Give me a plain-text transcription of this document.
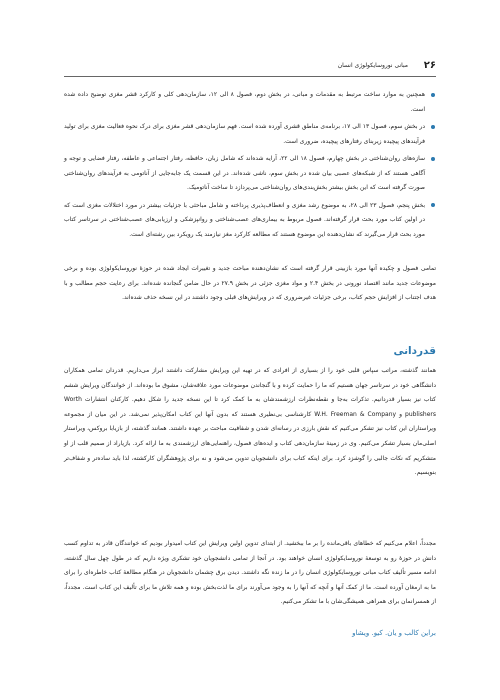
۲۶
مبانی نوروسایکولوژی انسان
همچنین به موارد ساخت مرتبط به مقدمات و مبانی، در بخش دوم، فصول ۸ الی ۱۲، سازمان‌دهی کلی و کارکرد قشر مغزی توضیح داده شده است.
در بخش سوم، فصول ۱۳ الی ۱۷، برنامه‌ی مناطق قشری آورده شده است. فهم سازمان‌دهی قشر مغزی برای درک نحوه فعالیت مغزی برای تولید فرآیندهای پیچیده زیربنای رفتارهای پیچیده، ضروری است.
سازه‌های روان‌شناختی در بخش چهارم، فصول ۱۸ الی ۲۲، آرایه شده‌اند که شامل زبان، حافظه، رفتار اجتماعی و عاطفه، رفتار فضایی و توجه و آگاهی هستند که از شبکه‌های عصبی بیان شده در بخش سوم، ناشی شده‌اند. در این قسمت یک جابه‌جایی از آناتومی به فرآیندهای روان‌شناختی صورت گرفته است که این بخش بیشتر بخش‌بندی‌های روان‌شناختی می‌پردازد تا ساخت آناتومیک.
بخش پنجم، فصول ۲۳ الی ۲۸، به موضوع رشد مغزی و انعطاف‌پذیری پرداخته و شامل مباحثی با جزئیات بیشتر در مورد اختلالات مغزی است که در اولین کتاب مورد بحث قرار گرفته‌اند. فصول مربوط به بیماری‌های عصب‌شناختی و روانپزشکی و ارزیابی‌های عصب‌شناختی در سرتاسر کتاب مورد بحث قرار می‌گیرند که نشان‌دهنده این موضوع هستند که مطالعه کارکرد مغز نیازمند یک رویکرد بین رشته‌ای است.

تمامی فصول و چکیده آنها مورد بازبینی قرار گرفته است که نشان‌دهنده مباحث جدید و تغییرات ایجاد شده در حوزهٔ نوروسایکولوژی بوده و برخی موضوعات جدید مانند اقتصاد نورونی در بخش ۲.۴ و مواد مغزی جزئی در بخش ۲۷.۹ در حال ضامن گنجانده شده‌اند. برای رعایت حجم مطالب و با هدف اجتناب از افزایش حجم کتاب، برخی جزئیات غیرضروری که در ویرایش‌های قبلی وجود داشتند در این نسخه حذف شده‌اند.

قدردانی

همانند گذشته، مراتب سپاس قلبی خود را از بسیاری از افرادی که در تهیه این ویرایش مشارکت داشتند ابراز می‌داریم. قدردان تمامی همکاران دانشگاهی خود در سرتاسر جهان هستیم که ما را حمایت کرده و با گنجاندن موضوعات مورد علاقه‌شان، مشوق ما بوده‌اند. از خوانندگان ویرایش ششم کتاب نیز بسیار قدردانیم. تذکرات به‌جا و نقطه‌نظرات ارزشمندشان به ما کمک کرد تا این نسخه جدید را شکل دهیم. کارکنان انتشارات Worth publishers و W.H. Freeman & Company کارشناسی بی‌نظیری هستند که بدون آنها این کتاب امکان‌پذیر نمی‌شد. در این میان از مجموعه ویراستاران این کتاب نیز تشکر می‌کنیم که نقش بارزی در رسانه‌ای شدن و شفافیت مباحث بر عهده داشتند. همانند گذشته، از بازیابا بروکس، ویراستار اصلی‌مان بسیار تشکر می‌کنیم. وی در زمینهٔ سازمان‌دهی کتاب و ایده‌های فصول، راهنمایی‌های ارزشمندی به ما ارائه کرد. بازیاراد از صمیم قلب از او متشکریم که نکات جالبی را گوشزد کرد. برای اینکه کتاب برای دانشجویان تدوین می‌شود و نه برای پژوهشگران کارکشته، لذا باید ساده‌تر و شفاف‌تر بنویسیم.

مجدداً، اعلام می‌کنیم که خطاهای باقی‌مانده را بر ما ببخشید. از ابتدای تدوین اولین ویرایش این کتاب امیدوار بودیم که خوانندگان قادر به تداوم کسب دانش در حوزهٔ رو به توسعهٔ نوروسایکولوژی انسان خواهند بود. در آنجا از تمامی دانشجویان خود تشکری ویژه داریم که در طول چهل سال گذشته، ادامه مسیر تألیف کتاب مبانی نوروسایکولوژی انسان را در ما زنده نگه داشتند. دیدن برق چشمان دانشجویان در هنگام مطالعهٔ کتاب خاطره‌ای را برای ما به ارمغان آورده است. ما از کمک آنها و آنچه که آنها را به وجود می‌آورند برای ما لذت‌بخش بوده و همه تلاش ما برای تألیف این کتاب است. مجدداً، از همسرانمان برای همراهی همیشگی‌شان با ما تشکر می‌کنیم.

براین کالب و یان. کیو. ویشاو
